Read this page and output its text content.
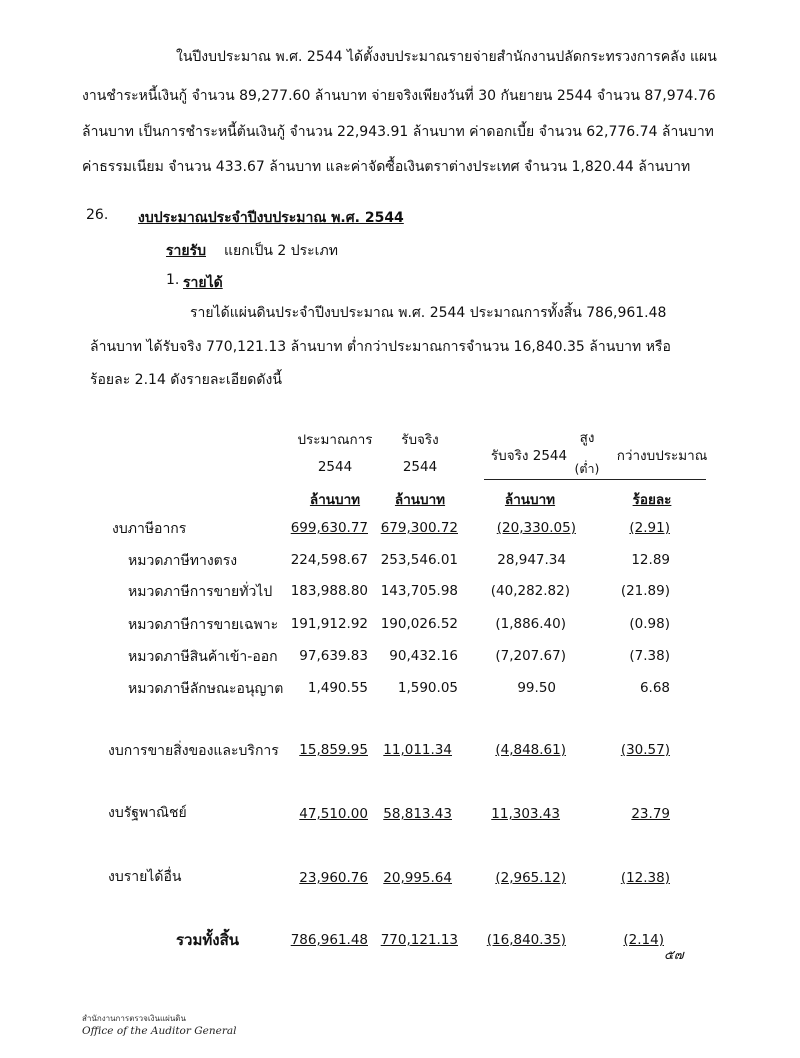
ในปีงบประมาณ พ.ศ. 2544 ได้ตั้งงบประมาณรายจ่ายสำนักงานปลัดกระทรวงการคลัง แผน
งานชำระหนี้เงินกู้ จำนวน 89,277.60 ล้านบาท จ่ายจริงเพียงวันที่ 30 กันยายน 2544 จำนวน 87,974.76
ล้านบาท เป็นการชำระหนี้ต้นเงินกู้ จำนวน 22,943.91 ล้านบาท ค่าดอกเบี้ย จำนวน 62,776.74 ล้านบาท
ค่าธรรมเนียม จำนวน 433.67 ล้านบาท และค่าจัดซื้อเงินตราต่างประเทศ จำนวน 1,820.44 ล้านบาท
26. งบประมาณประจำปีงบประมาณ พ.ศ. 2544
รายรับ แยกเป็น 2 ประเภท
1. รายได้
รายได้แผ่นดินประจำปีงบประมาณ พ.ศ. 2544 ประมาณการทั้งสิ้น 786,961.48
ล้านบาท ได้รับจริง 770,121.13 ล้านบาท ต่ำกว่าประมาณการจำนวน 16,840.35 ล้านบาท หรือ
ร้อยละ 2.14 ดังรายละเอียดดังนี้
ประมาณการ
2544
รับจริง
2544
รับจริง 2544
สูง
(ต่ำ)
กว่างบประมาณ
ล้านบาท	ล้านบาท	ล้านบาท	ร้อยละ
งบภาษีอากร	699,630.77 679,300.72	(20,330.05)	(2.91)
หมวดภาษีทางตรง	224,598.67 253,546.01	28,947.34	12.89
หมวดภาษีการขายทั่วไป	183,988.80 143,705.98	(40,282.82)	(21.89)
หมวดภาษีการขายเฉพาะ 191,912.92 190,026.52	(1,886.40)	(0.98)
หมวดภาษีสินค้าเข้า-ออก	97,639.83	90,432.16	(7,207.67)	(7.38)
หมวดภาษีลักษณะอนุญาต	1,490.55	1,590.05	99.50	6.68
งบการขายสิ่งของและบริการ	15,859.95	11,011.34	(4,848.61)	(30.57)
งบรัฐพาณิชย์	47,510.00	58,813.43	11,303.43	23.79
งบรายได้อื่น	23,960.76	20,995.64	(2,965.12)	(12.38)
รวมทั้งสิ้น	786,961.48 770,121.13	(16,840.35)	(2.14)
๕๗
สำนักงานการตรวจเงินแผ่นดิน
Office of the Auditor General
